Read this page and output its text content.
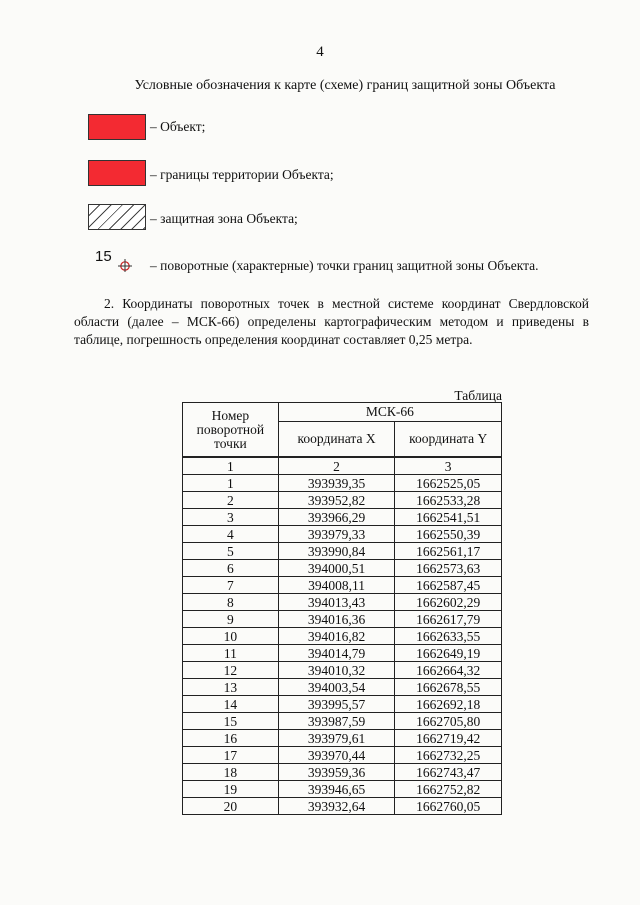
4
Условные обозначения к карте (схеме) границ защитной зоны Объекта
– Объект;
– границы территории Объекта;
– защитная зона Объекта;
15
– поворотные (характерные) точки границ защитной зоны Объекта.
2. Координаты поворотных точек в местной системе координат Свердловской области (далее – МСК-66) определены картографическим методом и приведены в таблице, погрешность определения координат составляет 0,25 метра.
Таблица
Номер поворотной точки	МСК-66	
	координата X	координата Y
1	2	3
1	393939,35	1662525,05
2	393952,82	1662533,28
3	393966,29	1662541,51
4	393979,33	1662550,39
5	393990,84	1662561,17
6	394000,51	1662573,63
7	394008,11	1662587,45
8	394013,43	1662602,29
9	394016,36	1662617,79
10	394016,82	1662633,55
11	394014,79	1662649,19
12	394010,32	1662664,32
13	394003,54	1662678,55
14	393995,57	1662692,18
15	393987,59	1662705,80
16	393979,61	1662719,42
17	393970,44	1662732,25
18	393959,36	1662743,47
19	393946,65	1662752,82
20	393932,64	1662760,05
